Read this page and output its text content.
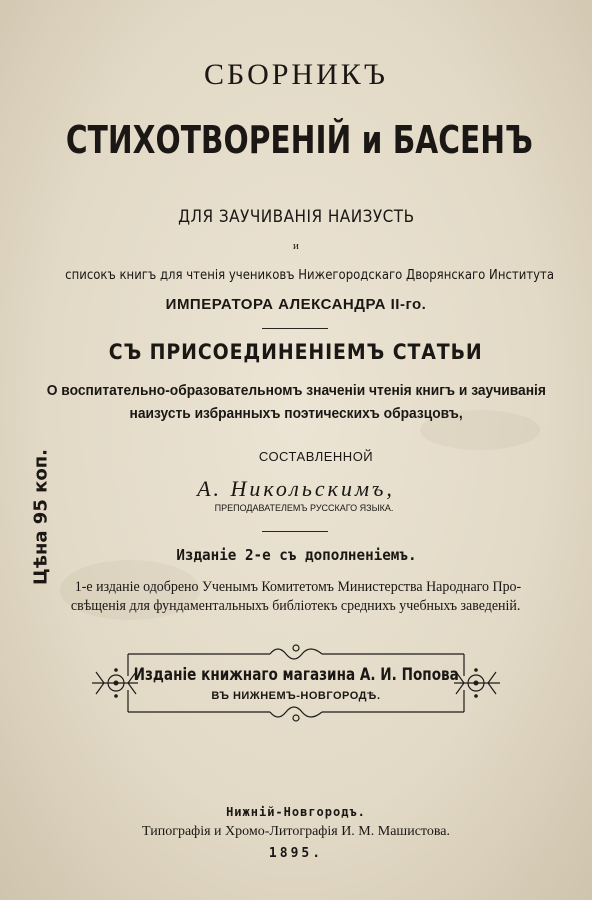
СБОРНИКЪ
СТИХОТВОРЕНIЙ и БАСЕНЪ
ДЛЯ ЗАУЧИВАНIЯ НАИЗУСТЬ
и
списокъ книгъ для чтенія учениковъ Нижегородскаго Дворянскаго Института
ИМПЕРАТОРА АЛЕКСАНДРА II-го.
СЪ ПРИСОЕДИНЕНIЕМЪ СТАТЬИ
О воспитательно-образовательномъ значенiи чтенія книгъ и заучиванiя
наизусть избранныхъ поэтическихъ образцовъ,
СОСТАВЛЕННОЙ
А. Никольскимъ,
ПРЕПОДАВАТЕЛЕМЪ РУССКАГО ЯЗЫКА.
Цѣна 95 коп.	Изданіе 2-е съ дополненіемъ.
1-е изданiе одобрено Ученымъ Комитетомъ Министерства Народнаго Про-
свѣщенія для фундаментальныхъ библiотекъ среднихъ учебныхъ заведеній.
Изданiе книжнаго магазина А. И. Попова
ВЪ НИЖНЕМЪ-НОВГОРОДѢ.
Нижнiй-Новгородъ.
Типографія и Хромо-Литографія И. М. Машистова.
1895.
